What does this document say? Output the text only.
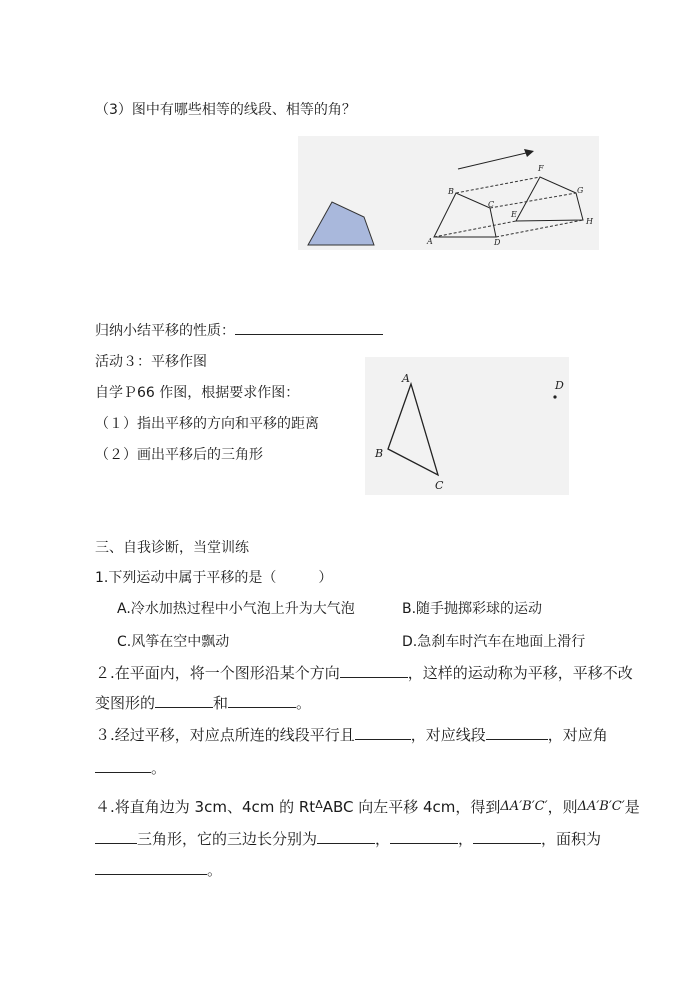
（3）图中有哪些相等的线段、相等的角？
A
B
C
D
E
F
G
H
归纳小结平移的性质：
活动３：平移作图
自学Ｐ66 作图，根据要求作图：
（１）指出平移的方向和平移的距离
（２）画出平移后的三角形
A
B
C
D
三、自我诊断，当堂训练
1.下列运动中属于平移的是（　　　）
A.冷水加热过程中小气泡上升为大气泡	B.随手抛掷彩球的运动
C.风筝在空中飘动	D.急刹车时汽车在地面上滑行
２.在平面内，将一个图形沿某个方向	，这样的运动称为平移，平移不改
变图形的	和	。
３.经过平移，对应点所连的线段平行且	，对应线段	，对应角
。
４.将直角边为 3cm、4cm 的 $Rt^\Delta ABC$ 向左平移 4cm，得到ΔA′B′C′，则ΔA′B′C′是
三角形，它的三边长分别为	，	，	，面积为
。
